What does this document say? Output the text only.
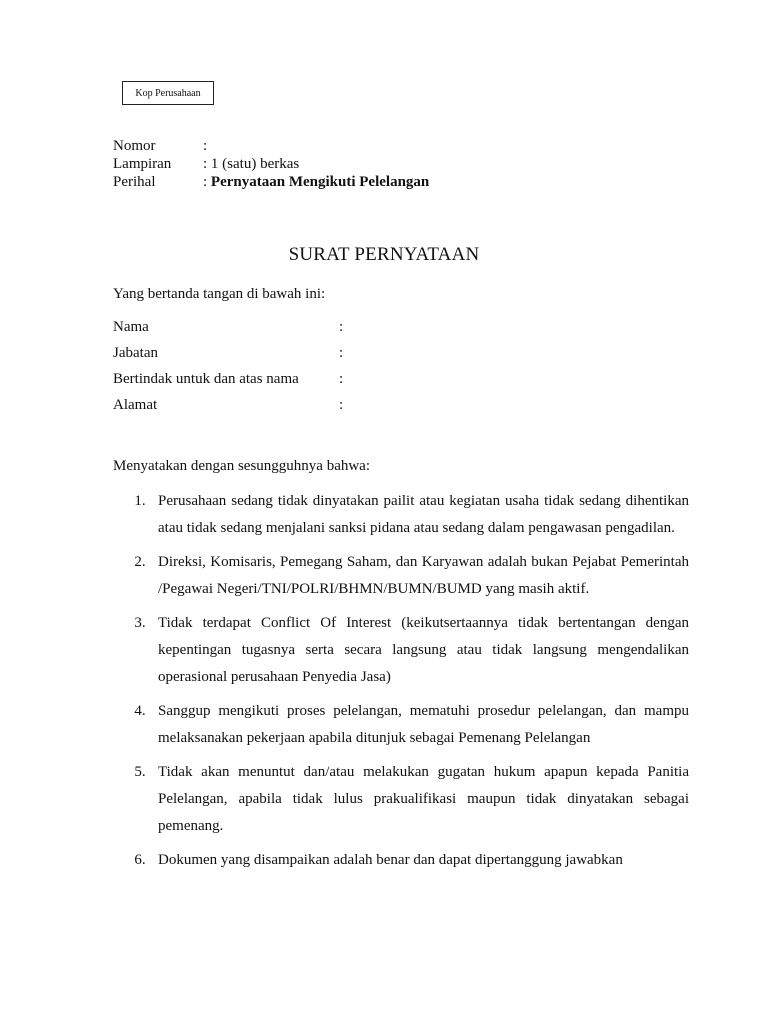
Kop Perusahaan
Nomor	:
Lampiran	: 1 (satu) berkas
Perihal	: Pernyataan Mengikuti Pelelangan
SURAT PERNYATAAN
Yang bertanda tangan di bawah ini:
Nama	:
Jabatan	:
Bertindak untuk dan atas nama	:
Alamat	:
Menyatakan dengan sesungguhnya bahwa:
1. Perusahaan sedang tidak dinyatakan pailit atau kegiatan usaha tidak sedang dihentikan atau tidak sedang menjalani sanksi pidana atau sedang dalam pengawasan pengadilan.
2. Direksi, Komisaris, Pemegang Saham, dan Karyawan adalah bukan Pejabat Pemerintah /Pegawai Negeri/TNI/POLRI/BHMN/BUMN/BUMD yang masih aktif.
3. Tidak terdapat Conflict Of Interest (keikutsertaannya tidak bertentangan dengan kepentingan tugasnya serta secara langsung atau tidak langsung mengendalikan operasional perusahaan Penyedia Jasa)
4. Sanggup mengikuti proses pelelangan, mematuhi prosedur pelelangan, dan mampu melaksanakan pekerjaan apabila ditunjuk sebagai Pemenang Pelelangan
5. Tidak akan menuntut dan/atau melakukan gugatan hukum apapun kepada Panitia Pelelangan, apabila tidak lulus prakualifikasi maupun tidak dinyatakan sebagai pemenang.
6. Dokumen yang disampaikan adalah benar dan dapat dipertanggung jawabkan
